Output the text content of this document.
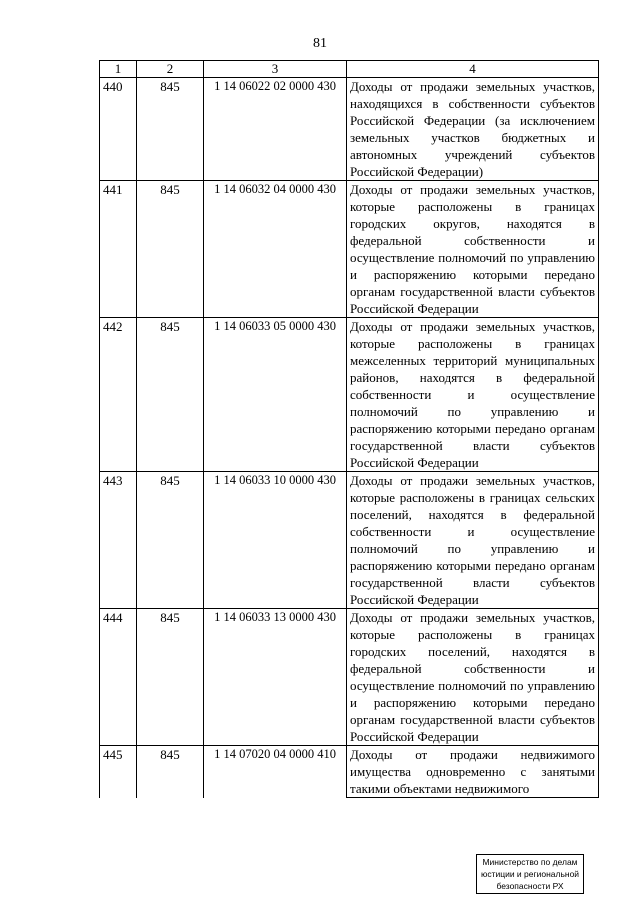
81
1	2	3	4
440	845	1 14 06022 02 0000 430	Доходы от продажи земельных участков, находящихся в собственности субъектов Российской Федерации (за исключением земельных участков бюджетных и автономных учреждений субъектов Российской Федерации)
441	845	1 14 06032 04 0000 430	Доходы от продажи земельных участков, которые расположены в границах городских округов, находятся в федеральной собственности и осуществление полномочий по управлению и распоряжению которыми передано органам государственной власти субъектов Российской Федерации
442	845	1 14 06033 05 0000 430	Доходы от продажи земельных участков, которые расположены в границах межселенных территорий муниципальных районов, находятся в федеральной собственности и осуществление полномочий по управлению и распоряжению которыми передано органам государственной власти субъектов Российской Федерации
443	845	1 14 06033 10 0000 430	Доходы от продажи земельных участков, которые расположены в границах сельских поселений, находятся в федеральной собственности и осуществление полномочий по управлению и распоряжению которыми передано органам государственной власти субъектов Российской Федерации
444	845	1 14 06033 13 0000 430	Доходы от продажи земельных участков, которые расположены в границах городских поселений, находятся в федеральной собственности и осуществление полномочий по управлению и распоряжению которыми передано органам государственной власти субъектов Российской Федерации
445	845	1 14 07020 04 0000 410	Доходы от продажи недвижимого имущества одновременно с занятыми такими объектами недвижимого
Министерство по делам
юстиции и региональной
безопасности РХ
